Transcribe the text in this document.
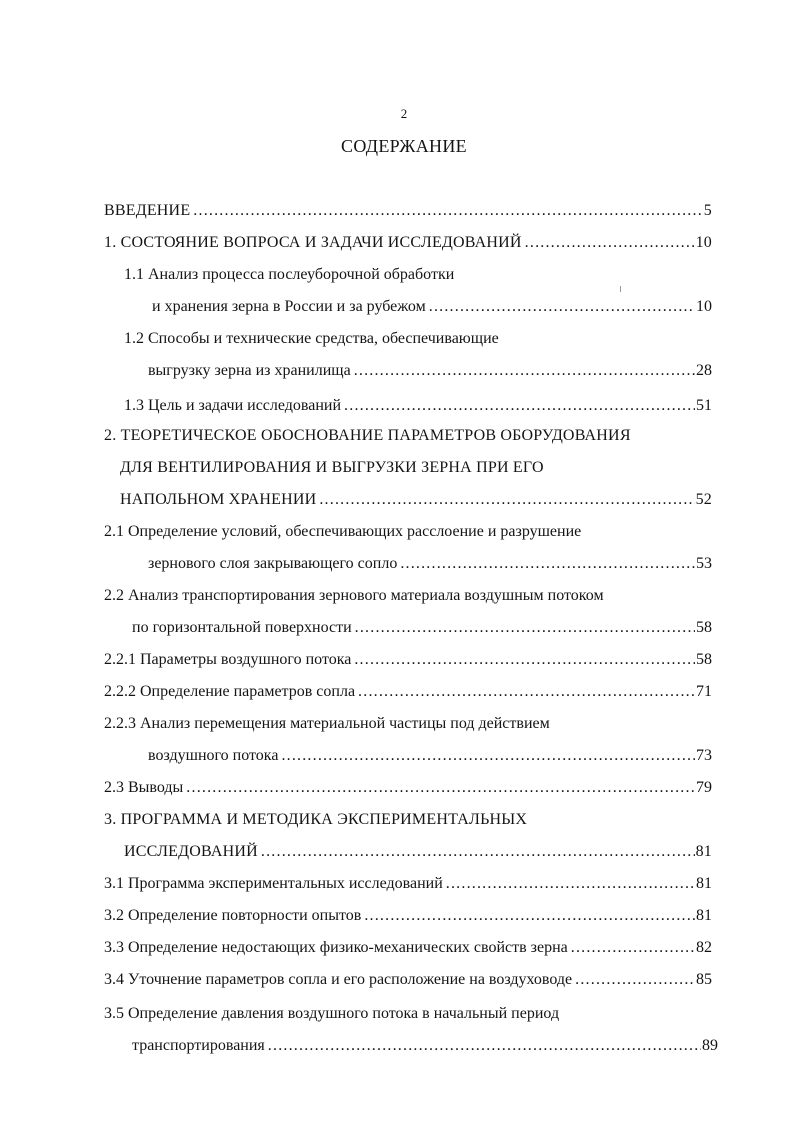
2
СОДЕРЖАНИЕ
ВВЕДЕНИЕ .....	5
1. СОСТОЯНИЕ ВОПРОСА И ЗАДАЧИ ИССЛЕДОВАНИЙ .....	10
1.1 Анализ процесса послеуборочной обработки
и хранения зерна в России и за рубежом .....	10
1.2 Способы и технические средства, обеспечивающие
выгрузку зерна из хранилища .....	28
1.3 Цель и задачи исследований .....	51
2. ТЕОРЕТИЧЕСКОЕ ОБОСНОВАНИЕ ПАРАМЕТРОВ ОБОРУДОВАНИЯ
ДЛЯ ВЕНТИЛИРОВАНИЯ И ВЫГРУЗКИ ЗЕРНА ПРИ ЕГО
НАПОЛЬНОМ ХРАНЕНИИ .....	52
2.1 Определение условий, обеспечивающих расслоение и разрушение
зернового слоя закрывающего сопло .....	53
2.2 Анализ транспортирования зернового материала воздушным потоком
по горизонтальной поверхности .....	58
2.2.1 Параметры воздушного потока .....	58
2.2.2 Определение параметров сопла .....	71
2.2.3 Анализ перемещения материальной частицы под действием
воздушного потока .....	73
2.3 Выводы .....	79
3. ПРОГРАММА И МЕТОДИКА ЭКСПЕРИМЕНТАЛЬНЫХ
ИССЛЕДОВАНИЙ .....	81
3.1 Программа экспериментальных исследований .....	81
3.2 Определение повторности опытов .....	81
3.3 Определение недостающих физико-механических свойств зерна .....	82
3.4 Уточнение параметров сопла и его расположение на воздуховоде .....	85
3.5 Определение давления воздушного потока в начальный период
транспортирования .....	89
